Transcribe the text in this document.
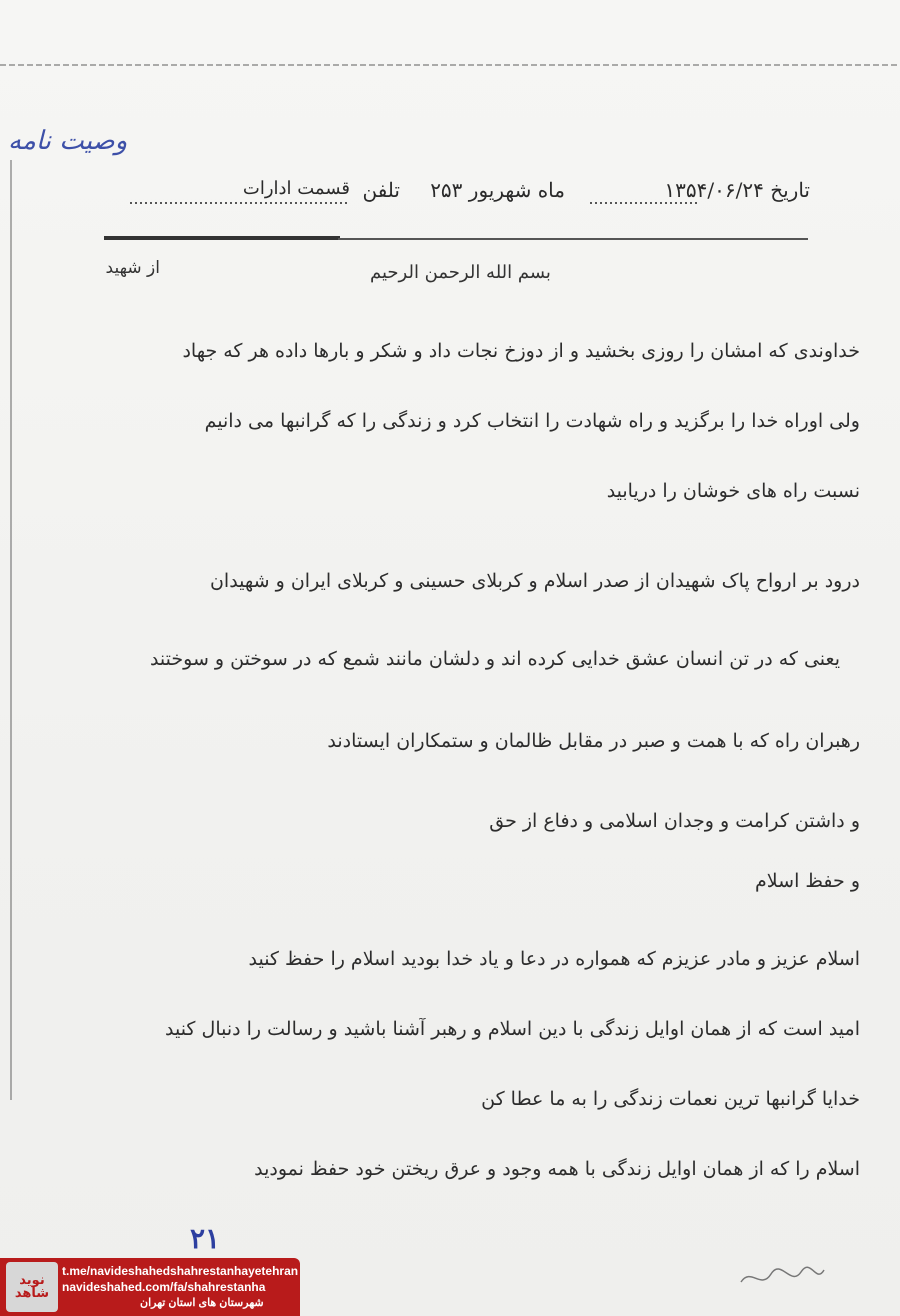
وصیت نامه
تاریخ ۱۳۵۴/۰۶/۲۴
ماه شهریور ۲۵۳
تلفن
قسمت ادارات
از شهید	بسم الله الرحمن الرحیم
خداوندی که امشان را روزی بخشید و از دوزخ نجات داد و شکر و بارها داده هر که جهاد
ولی اوراه خدا را برگزید و راه شهادت را انتخاب کرد و زندگی را که گرانبها می دانیم
نسبت راه های خوشان را دریابید
درود بر ارواح پاک شهیدان از صدر اسلام و کربلای حسینی و کربلای ایران و شهیدان
یعنی که در تن انسان عشق خدایی کرده اند و دلشان مانند شمع که در سوختن و سوختند
رهبران راه که با همت و صبر در مقابل ظالمان و ستمکاران ایستادند
و داشتن کرامت و وجدان اسلامی و دفاع از حق
و حفظ اسلام
اسلام عزیز و مادر عزیزم که همواره در دعا و یاد خدا بودید اسلام را حفظ کنید
امید است که از همان اوایل زندگی با دین اسلام و رهبر آشنا باشید و رسالت را دنبال کنید
خدایا گرانبها ترین نعمات زندگی را به ما عطا کن
اسلام را که از همان اوایل زندگی با همه وجود و عرق ریختن خود حفظ نمودید
۲۱
نوید شاهد
t.me/navideshahedshahrestanhayetehran
navideshahed.com/fa/shahrestanha
شهرستان های استان تهران
